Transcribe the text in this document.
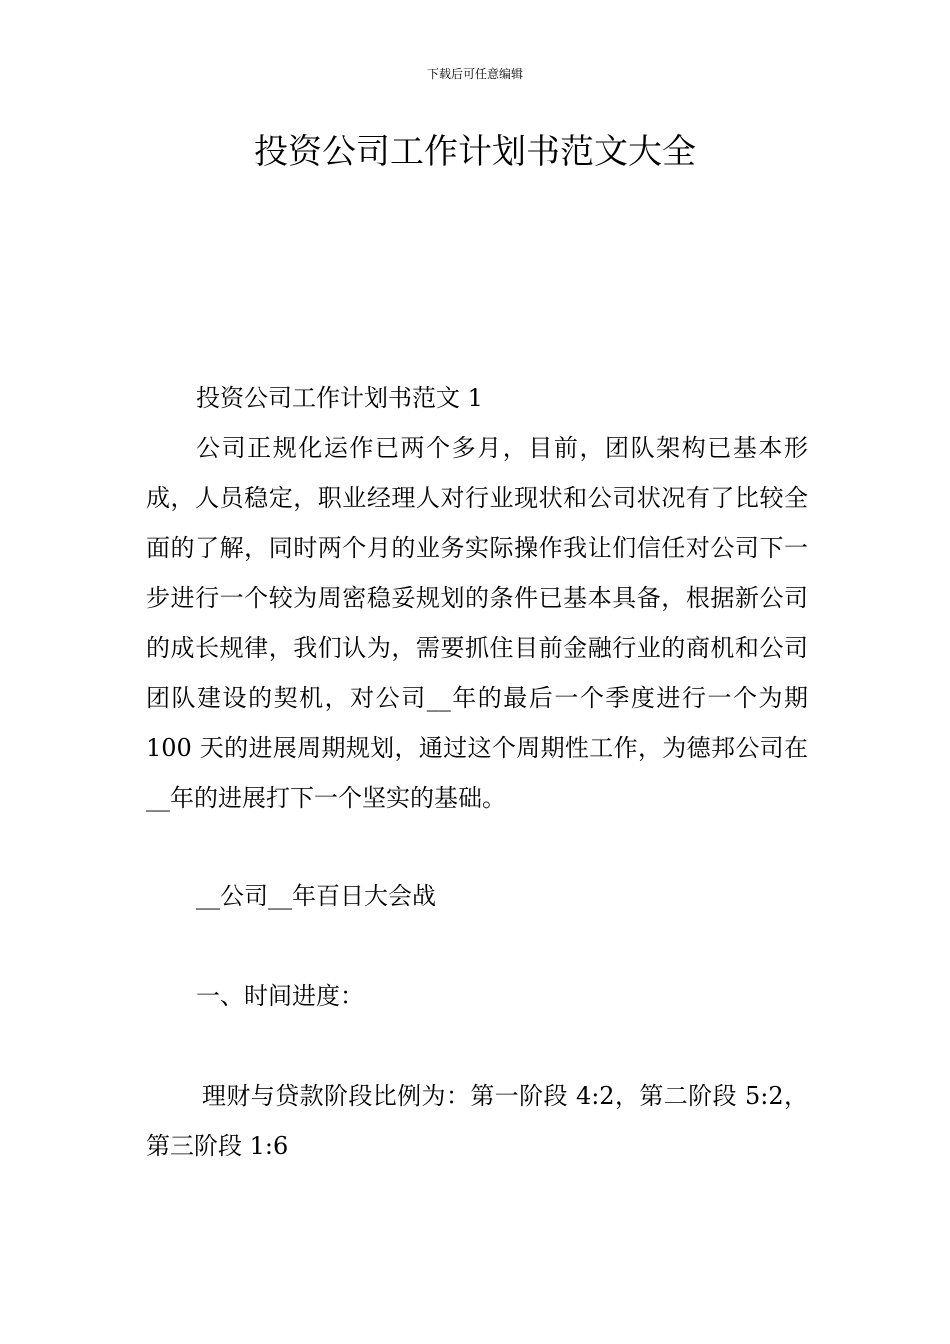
下载后可任意编辑
投资公司工作计划书范文大全

投资公司工作计划书范文 1

公司正规化运作已两个多月，目前，团队架构已基本形成，人员稳定，职业经理人对行业现状和公司状况有了比较全面的了解，同时两个月的业务实际操作我让们信任对公司下一步进行一个较为周密稳妥规划的条件已基本具备，根据新公司的成长规律，我们认为，需要抓住目前金融行业的商机和公司团队建设的契机，对公司__年的最后一个季度进行一个为期 100 天的进展周期规划，通过这个周期性工作，为德邦公司在__年的进展打下一个坚实的基础。

__公司__年百日大会战

一、时间进度：

理财与贷款阶段比例为：第一阶段 4:2，第二阶段 5:2，第三阶段 1:6
